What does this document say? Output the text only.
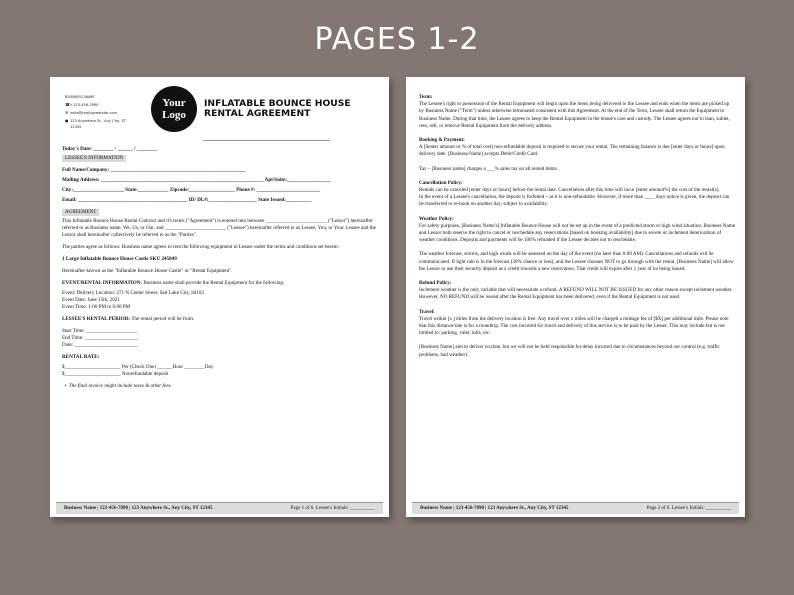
PAGES 1-2
BUSINESS NAME
☎ +123-456-7890
✉ hello@reallygreatsite.com
● 123 Anywhere St., Any City, ST
12345
Your
Logo
INFLATABLE BOUNCE HOUSE
RENTAL AGREEMENT
Today's Date: ________ / ______ / ________
LESSEE'S INFORMATION
Full Name/Company: _____________________________________________________
Mailing Address: ________________________________________________________________ Apt/Suite:_________________
City:____________________ State:____________ Zipcode:__________________ Phone #: _________________________
Email: ___________________________________________ ID/ DL#:___________________ State Issued:__________
AGREEMENT
This Inflatable Bounce House Rental Contract and it's terms ("Agreement") is entered into between ________________________ ("Lessor") hereinafter referred to as Business name, We, Us, or Our, and ________________________ ("Lessee") hereinafter referred to as Lessee, You, or Your. Lessee and the Lessor shall hereinafter collectively be referred to as the "Parties".
The parties agree as follows: Business name agrees to rent the following equipment to Lessee under the terms and conditions set herein:
1 Large Inflatable Bounce House Castle SKU 245849
Hereinafter known as the "Inflatable Bounce House Castle" or "Rental Equipment".
EVENT/RENTAL INFORMATION: Business name shall provide the Rental Equipment for the following:
Event/ Delivery Location: 271 N Center Street, Salt Lake City, 84103
Event Date: June 15th, 2021
Event Time: 1:00 PM to 6:00 PM
LESSEE'S RENTAL PERIOD: The rental period will be from:
Start Time: ____________________
End Time: _____________________
Date: _________________________
RENTAL RATE:
$______________________ Per (Check One) ______Hour ________Day
$______________________ Nonrefundable deposit
•  The final invoice might include taxes & other fees.
Business Name | 123-456-7890 | 123 Anywhere St., Any City, ST 12345	Page 1 of 6. Lessee's Initials: __________
Term:
The Lessee's right to possession of the Rental Equipment will begin upon the items being delivered to the Lessee and ends when the items are picked up by Business Name ("Term") unless otherwise terminated consistent with this Agreement. At the end of the Term, Lessee shall return the Equipment to Business Name. During that time, the Lessee agrees to keep the Rental Equipment in the lessee's care and custody. The Lessee agrees not to loan, sublet, rent, sell, or remove Rental Equipment from the delivery address.
Booking & Payment:
A [Senter amount or % of total cost] non-refundable deposit is required to secure your rental. The remaining balance is due [enter days or hours] upon delivery date. [Business Name] accepts Debit/Credit Card.
Tax – [Business name] charges a ___% sales tax on all rented items.
Cancellation Policy:
Rentals can be canceled [enter days or hours] before the rental date. Cancellation after this time will incur [enter amount%] the cost of the rental(s).
In the event of a Lessee's cancellation, the deposit is forfeited – as it is non-refundable. However, if more than ____ days notice is given, the deposit can be transferred to re-book on another day, subject to availability.
Weather Policy:
For safety purposes, [Business Name's] Inflatable Bounce House will not be set up in the event of a predicted storm or high wind situation. Business Name and Lessor both reserve the right to cancel or reschedule any reservations [based on booking availability] due to severe or inclement deterioration of weather conditions. Deposits and payments will be 100% refunded if the Lessee decides not to reschedule.
The weather forecast, storms, and high winds will be assessed on the day of the event (no later than 8:00 AM). Cancellations and refunds will be communicated. If light rain is in the forecast (30% chance or less), and the Lessee chooses NOT to go through with the rental, [Business Name] will allow the Lessor to use their security deposit as a credit towards a new reservation. That credit will expire after 1 year of its being issued.
Refund Policy:
Inclement weather is the only variable that will necessitate a refund. A REFUND WILL NOT BE ISSUED for any other reason except inclement weather. However, NO REFUND will be issued after the Rental Equipment has been delivered, even if the Rental Equipment is not used.
Travel:
Travel within [x ] miles from the delivery location is free. Any travel over x miles will be charged a mileage fee of [$X] per additional mile. Please note that this distance/rate is for a roundtrip. The cost incurred for travel and delivery of this service is to be paid by the Lesser. This may include but is not limited to: parking, valet, tolls, etc.
[Business Name] aim to deliver on time, but we will not be held responsible for delay incurred due to circumstances beyond our control (e.g. traffic problems, bad weather).
Business Name | 123-456-7890 | 123 Anywhere St., Any City, ST 12345	Page 2 of 6. Lessee's Initials: __________
